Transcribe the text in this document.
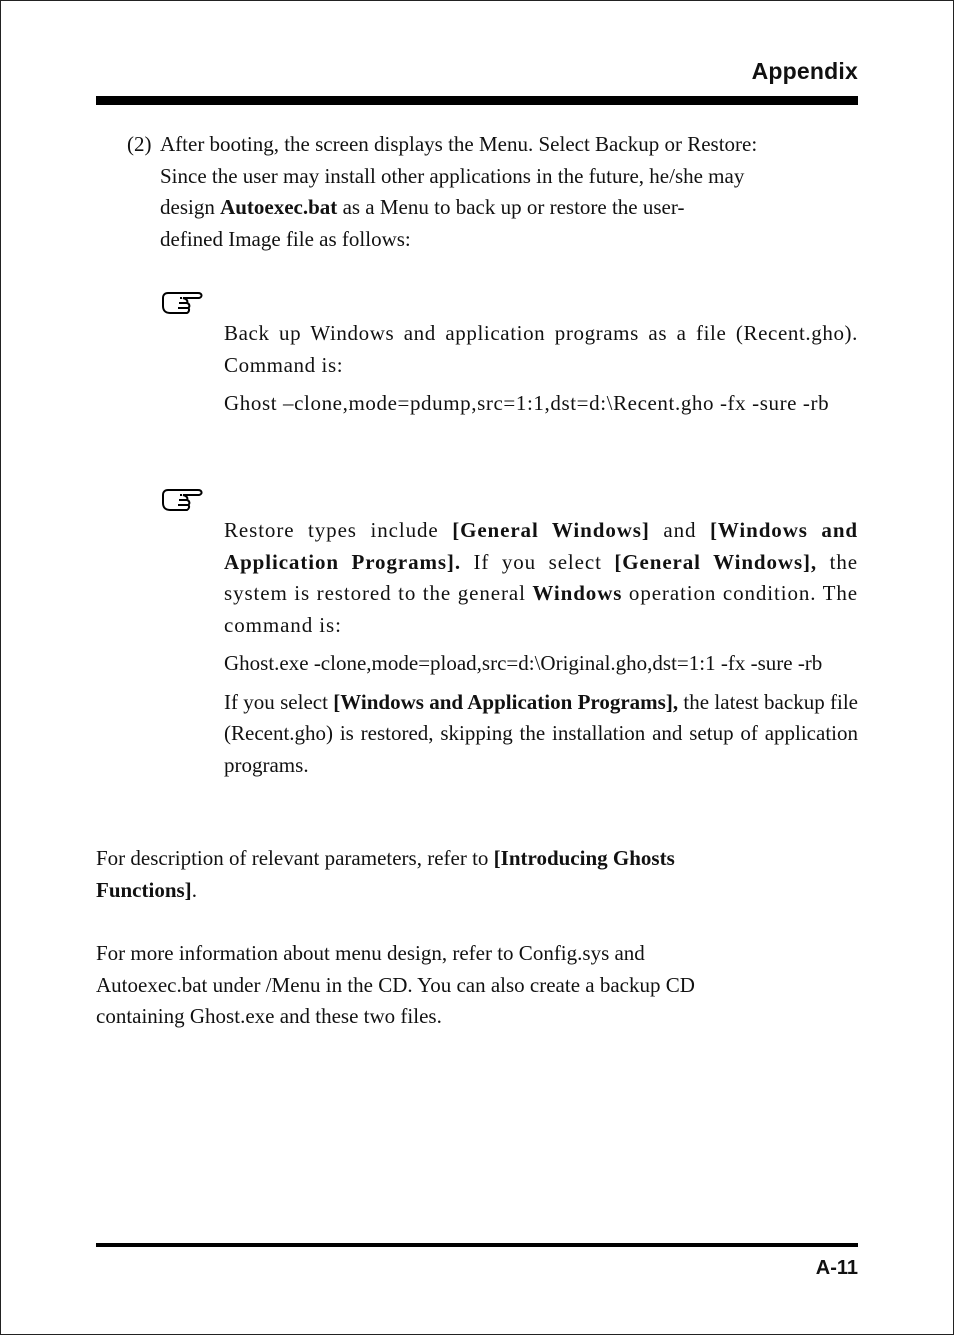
Appendix
(2) After booting, the screen displays the Menu. Select Backup or Restore:
Since the user may install other applications in the future, he/she may
design Autoexec.bat as a Menu to back up or restore the user-
defined Image file as follows:

Back up Windows and application programs as a file (Recent.gho). Command is:

Ghost –clone,mode=pdump,src=1:1,dst=d:\Recent.gho -fx -sure -rb

Restore types include [General Windows] and [Windows and Application Programs]. If you select [General Windows], the system is restored to the general Windows operation condition. The command is:

Ghost.exe -clone,mode=pload,src=d:\Original.gho,dst=1:1 -fx -sure -rb

If you select [Windows and Application Programs], the latest backup file (Recent.gho) is restored, skipping the installation and setup of application programs.

For description of relevant parameters, refer to [Introducing Ghosts

Functions].

For more information about menu design, refer to Config.sys and

Autoexec.bat under /Menu in the CD. You can also create a backup CD

containing Ghost.exe and these two files.

A-11
